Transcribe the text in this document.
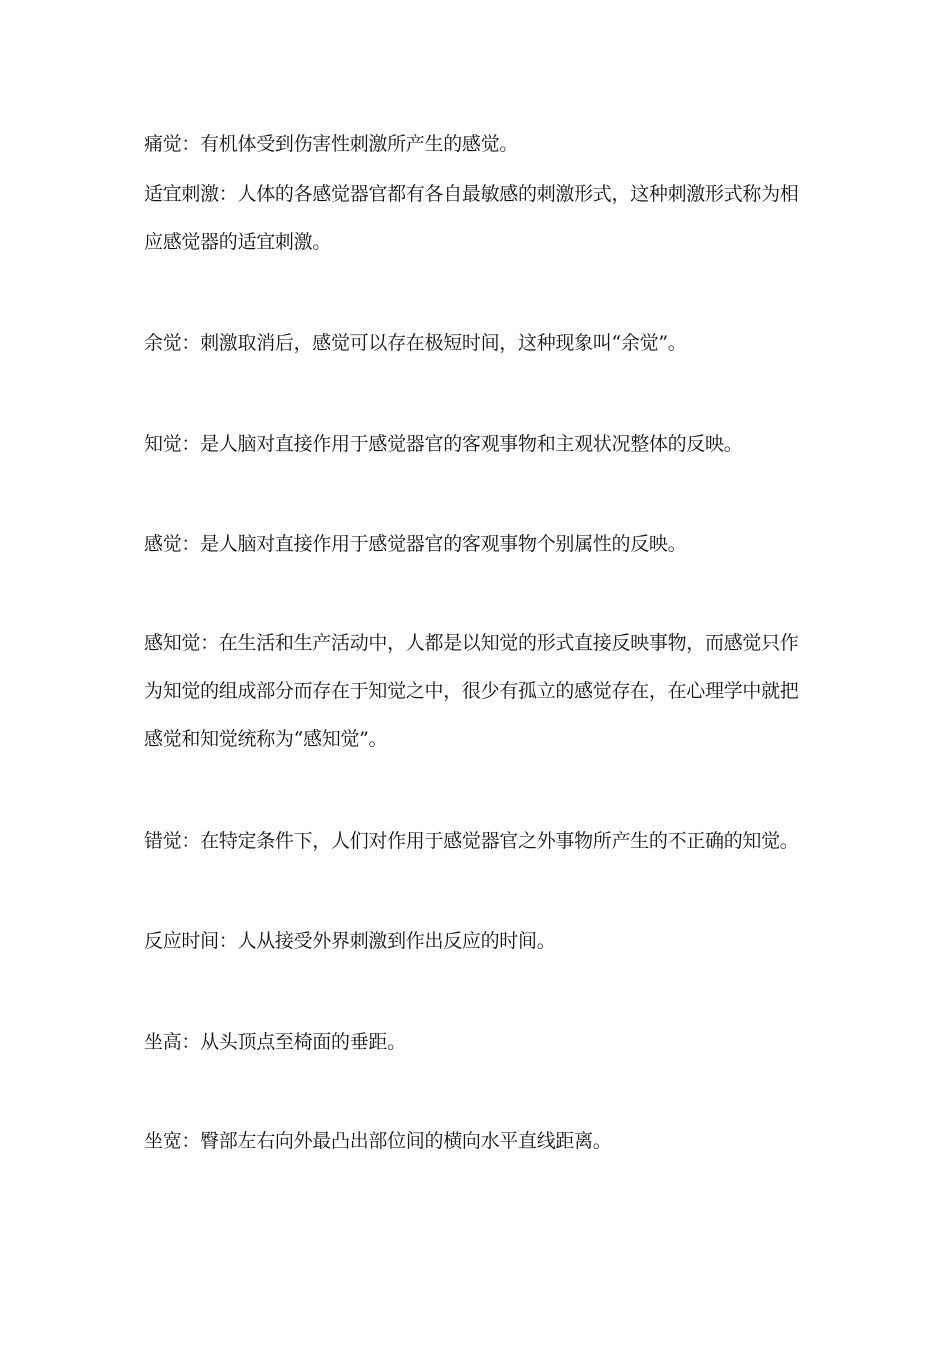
痛觉：有机体受到伤害性刺激所产生的感觉。

适宜刺激：人体的各感觉器官都有各自最敏感的刺激形式，这种刺激形式称为相
应感觉器的适宜刺激。

余觉：刺激取消后，感觉可以存在极短时间，这种现象叫“余觉”。

知觉：是人脑对直接作用于感觉器官的客观事物和主观状况整体的反映。

感觉：是人脑对直接作用于感觉器官的客观事物个别属性的反映。

感知觉：在生活和生产活动中，人都是以知觉的形式直接反映事物，而感觉只作
为知觉的组成部分而存在于知觉之中，很少有孤立的感觉存在，在心理学中就把
感觉和知觉统称为“感知觉”。

错觉：在特定条件下，人们对作用于感觉器官之外事物所产生的不正确的知觉。

反应时间：人从接受外界刺激到作出反应的时间。

坐高：从头顶点至椅面的垂距。

坐宽：臀部左右向外最凸出部位间的横向水平直线距离。
